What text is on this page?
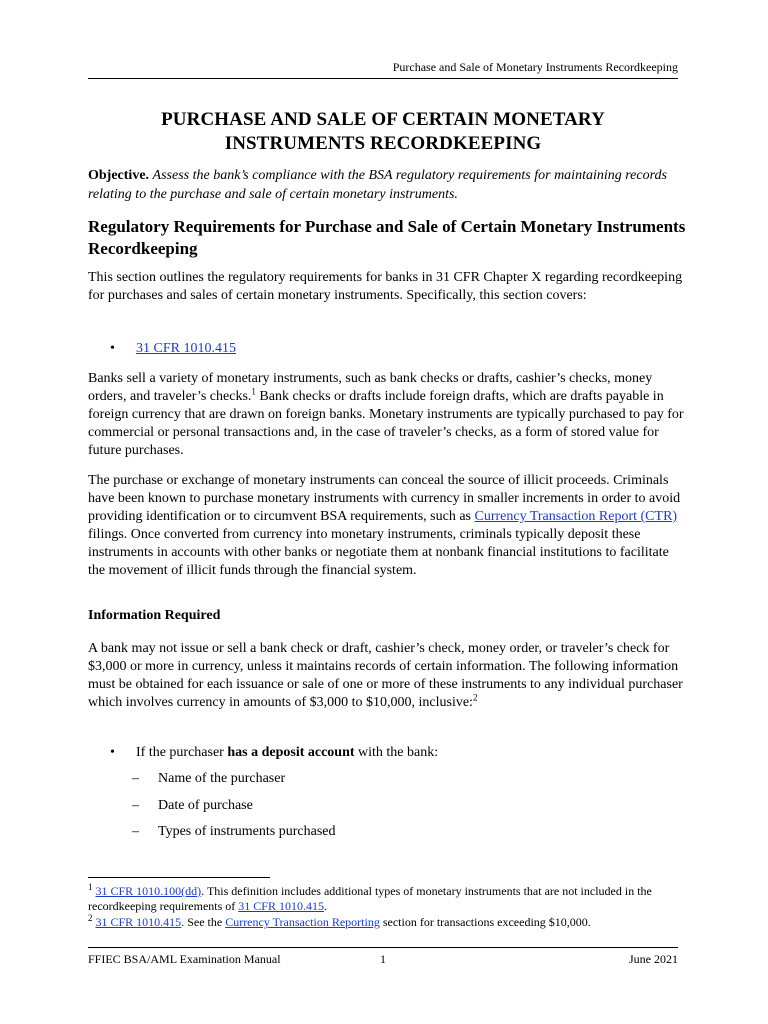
Purchase and Sale of Monetary Instruments Recordkeeping
PURCHASE AND SALE OF CERTAIN MONETARY
INSTRUMENTS RECORDKEEPING
Objective. Assess the bank’s compliance with the BSA regulatory requirements for maintaining records relating to the purchase and sale of certain monetary instruments.
Regulatory Requirements for Purchase and Sale of Certain Monetary Instruments Recordkeeping

This section outlines the regulatory requirements for banks in 31 CFR Chapter X regarding recordkeeping for purchases and sales of certain monetary instruments. Specifically, this section covers:

• 31 CFR 1010.415

Banks sell a variety of monetary instruments, such as bank checks or drafts, cashier’s checks, money orders, and traveler’s checks.$^1$ Bank checks or drafts include foreign drafts, which are drafts payable in foreign currency that are drawn on foreign banks. Monetary instruments are typically purchased to pay for commercial or personal transactions and, in the case of traveler’s checks, as a form of stored value for future purchases.

The purchase or exchange of monetary instruments can conceal the source of illicit proceeds. Criminals have been known to purchase monetary instruments with currency in smaller increments in order to avoid providing identification or to circumvent BSA requirements, such as Currency Transaction Report (CTR) filings. Once converted from currency into monetary instruments, criminals typically deposit these instruments in accounts with other banks or negotiate them at nonbank financial institutions to facilitate the movement of illicit funds through the financial system.

Information Required

A bank may not issue or sell a bank check or draft, cashier’s check, money order, or traveler’s check for $3,000 or more in currency, unless it maintains records of certain information. The following information must be obtained for each issuance or sale of one or more of these instruments to any individual purchaser which involves currency in amounts of $3,000 to $10,000, inclusive:$^2$

• If the purchaser has a deposit account with the bank:
– Name of the purchaser
– Date of purchase
– Types of instruments purchased
$^1$ 31 CFR 1010.100(dd). This definition includes additional types of monetary instruments that are not included in the recordkeeping requirements of 31 CFR 1010.415.
$^2$ 31 CFR 1010.415. See the Currency Transaction Reporting section for transactions exceeding $10,000.
FFIEC BSA/AML Examination Manual	1	June 2021
